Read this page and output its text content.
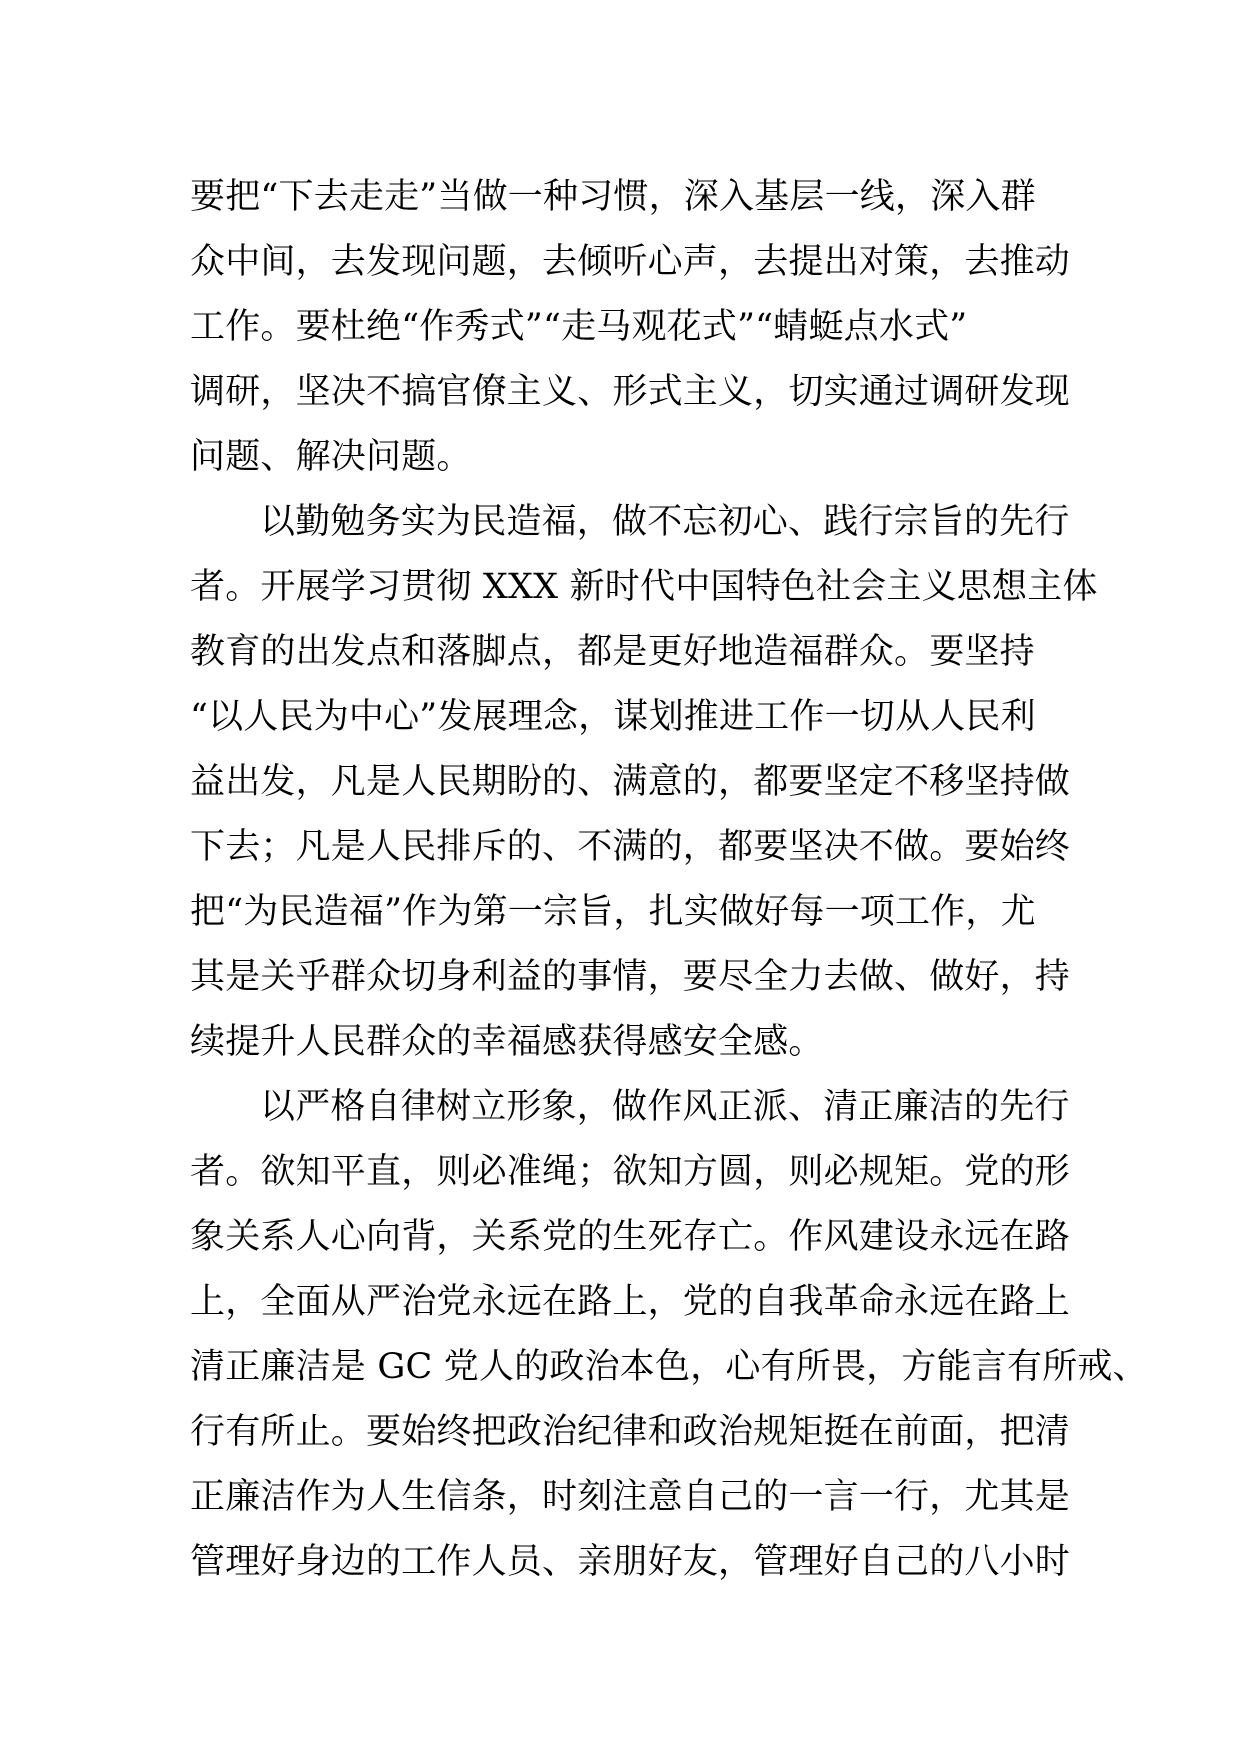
要把“下去走走”当做一种习惯，深入基层一线，深入群
众中间，去发现问题，去倾听心声，去提出对策，去推动
工作。要杜绝“作秀式”“走马观花式”“蜻蜓点水式”
调研，坚决不搞官僚主义、形式主义，切实通过调研发现
问题、解决问题。
以勤勉务实为民造福，做不忘初心、践行宗旨的先行
者。开展学习贯彻 XXX 新时代中国特色社会主义思想主体
教育的出发点和落脚点，都是更好地造福群众。要坚持
“以人民为中心”发展理念，谋划推进工作一切从人民利
益出发，凡是人民期盼的、满意的，都要坚定不移坚持做
下去；凡是人民排斥的、不满的，都要坚决不做。要始终
把“为民造福”作为第一宗旨，扎实做好每一项工作，尤
其是关乎群众切身利益的事情，要尽全力去做、做好，持
续提升人民群众的幸福感获得感安全感。
以严格自律树立形象，做作风正派、清正廉洁的先行
者。欲知平直，则必准绳；欲知方圆，则必规矩。党的形
象关系人心向背，关系党的生死存亡。作风建设永远在路
上，全面从严治党永远在路上，党的自我革命永远在路上
清正廉洁是 GC 党人的政治本色，心有所畏，方能言有所戒、
行有所止。要始终把政治纪律和政治规矩挺在前面，把清
正廉洁作为人生信条，时刻注意自己的一言一行，尤其是
管理好身边的工作人员、亲朋好友，管理好自己的八小时
